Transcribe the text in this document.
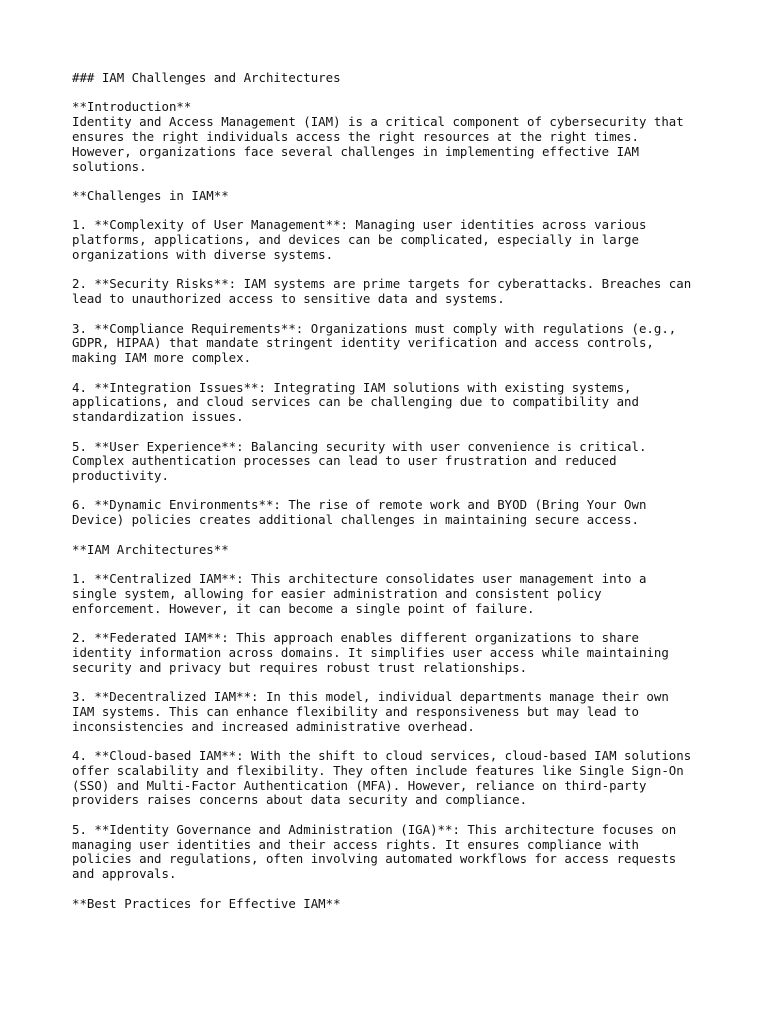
### IAM Challenges and Architectures
**Introduction**
Identity and Access Management (IAM) is a critical component of cybersecurity that
ensures the right individuals access the right resources at the right times.
However, organizations face several challenges in implementing effective IAM
solutions.
**Challenges in IAM**
1. **Complexity of User Management**: Managing user identities across various
platforms, applications, and devices can be complicated, especially in large
organizations with diverse systems.
2. **Security Risks**: IAM systems are prime targets for cyberattacks. Breaches can
lead to unauthorized access to sensitive data and systems.
3. **Compliance Requirements**: Organizations must comply with regulations (e.g.,
GDPR, HIPAA) that mandate stringent identity verification and access controls,
making IAM more complex.
4. **Integration Issues**: Integrating IAM solutions with existing systems,
applications, and cloud services can be challenging due to compatibility and
standardization issues.
5. **User Experience**: Balancing security with user convenience is critical.
Complex authentication processes can lead to user frustration and reduced
productivity.
6. **Dynamic Environments**: The rise of remote work and BYOD (Bring Your Own
Device) policies creates additional challenges in maintaining secure access.
**IAM Architectures**
1. **Centralized IAM**: This architecture consolidates user management into a
single system, allowing for easier administration and consistent policy
enforcement. However, it can become a single point of failure.
2. **Federated IAM**: This approach enables different organizations to share
identity information across domains. It simplifies user access while maintaining
security and privacy but requires robust trust relationships.
3. **Decentralized IAM**: In this model, individual departments manage their own
IAM systems. This can enhance flexibility and responsiveness but may lead to
inconsistencies and increased administrative overhead.
4. **Cloud-based IAM**: With the shift to cloud services, cloud-based IAM solutions
offer scalability and flexibility. They often include features like Single Sign-On
(SSO) and Multi-Factor Authentication (MFA). However, reliance on third-party
providers raises concerns about data security and compliance.
5. **Identity Governance and Administration (IGA)**: This architecture focuses on
managing user identities and their access rights. It ensures compliance with
policies and regulations, often involving automated workflows for access requests
and approvals.
**Best Practices for Effective IAM**
